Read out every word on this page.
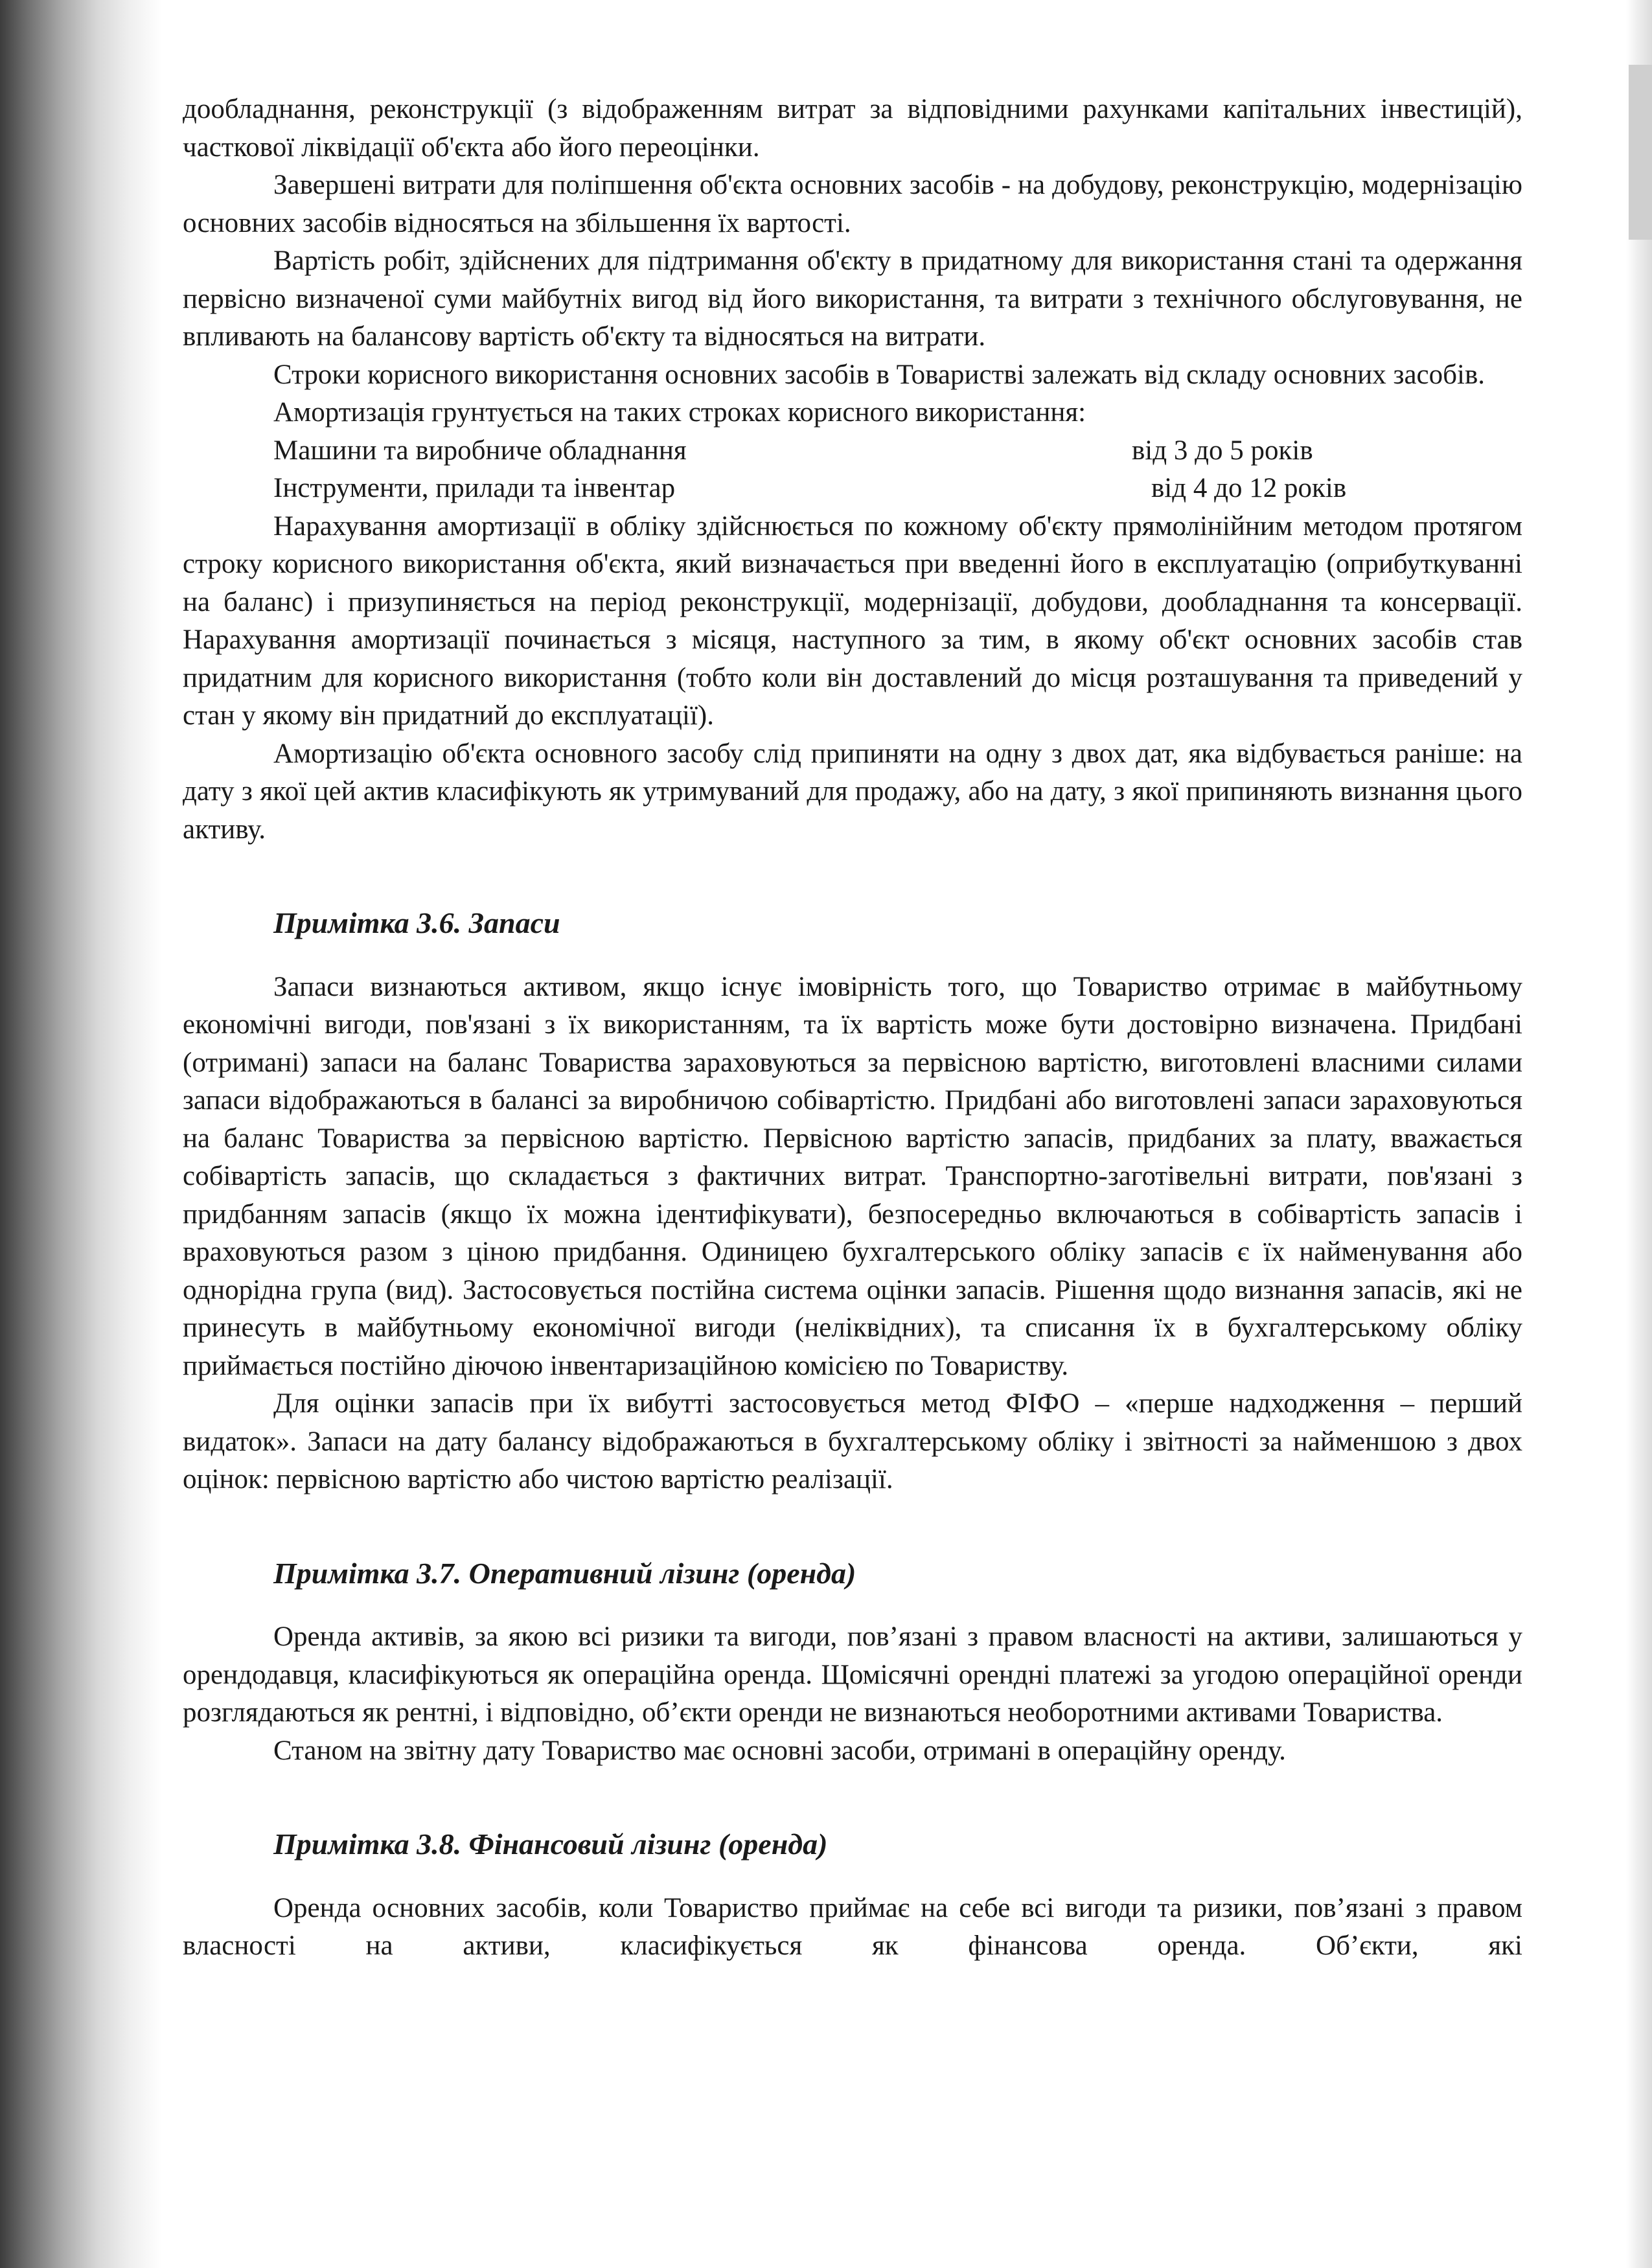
дообладнання, реконструкції (з відображенням витрат за відповідними рахунками капітальних інвестицій), часткової ліквідації об'єкта або його переоцінки.

Завершені витрати для поліпшення об'єкта основних засобів - на добудову, реконструкцію, модернізацію основних засобів відносяться на збільшення їх вартості.

Вартість робіт, здійснених для підтримання об'єкту в придатному для використання стані та одержання первісно визначеної суми майбутніх вигод від його використання, та витрати з технічного обслуговування, не впливають на балансову вартість об'єкту та відносяться на витрати.

Строки корисного використання основних засобів в Товаристві залежать від складу основних засобів.

Амортизація грунтується на таких строках корисного використання:

Машини та виробниче обладнання	від 3 до 5 років
Інструменти, прилади та інвентар	від 4 до 12 років

Нарахування амортизації в обліку здійснюється по кожному об'єкту прямолінійним методом протягом строку корисного використання об'єкта, який визначається при введенні його в експлуатацію (оприбуткуванні на баланс) і призупиняється на період реконструкції, модернізації, добудови, дообладнання та консервації. Нарахування амортизації починається з місяця, наступного за тим, в якому об'єкт основних засобів став придатним для корисного використання (тобто коли він доставлений до місця розташування та приведений у стан у якому він придатний до експлуатації).

Амортизацію об'єкта основного засобу слід припиняти на одну з двох дат, яка відбувається раніше: на дату з якої цей актив класифікують як утримуваний для продажу, або на дату, з якої припиняють визнання цього активу.

Примітка 3.6. Запаси

Запаси визнаються активом, якщо існує імовірність того, що Товариство отримає в майбутньому економічні вигоди, пов'язані з їх використанням, та їх вартість може бути достовірно визначена. Придбані (отримані) запаси на баланс Товариства зараховуються за первісною вартістю, виготовлені власними силами запаси відображаються в балансі за виробничою собівартістю. Придбані або виготовлені запаси зараховуються на баланс Товариства за первісною вартістю. Первісною вартістю запасів, придбаних за плату, вважається собівартість запасів, що складається з фактичних витрат. Транспортно-заготівельні витрати, пов'язані з придбанням запасів (якщо їх можна ідентифікувати), безпосередньо включаються в собівартість запасів і враховуються разом з ціною придбання. Одиницею бухгалтерського обліку запасів є їх найменування або однорідна група (вид). Застосовується постійна система оцінки запасів. Рішення щодо визнання запасів, які не принесуть в майбутньому економічної вигоди (неліквідних), та списання їх в бухгалтерському обліку приймається постійно діючою інвентаризаційною комісією по Товариству.

Для оцінки запасів при їх вибутті застосовується метод ФІФО – «перше надходження – перший видаток». Запаси на дату балансу відображаються в бухгалтерському обліку і звітності за найменшою з двох оцінок: первісною вартістю або чистою вартістю реалізації.

Примітка 3.7. Оперативний лізинг (оренда)

Оренда активів, за якою всі ризики та вигоди, пов’язані з правом власності на активи, залишаються у орендодавця, класифікуються як операційна оренда. Щомісячні орендні платежі за угодою операційної оренди розглядаються як рентні, і відповідно, об’єкти оренди не визнаються необоротними активами Товариства.

Станом на звітну дату Товариство має основні засоби, отримані в операційну оренду.

Примітка 3.8. Фінансовий лізинг (оренда)

Оренда основних засобів, коли Товариство приймає на себе всі вигоди та ризики, пов’язані з правом власності на активи, класифікується як фінансова оренда. Об’єкти, які
